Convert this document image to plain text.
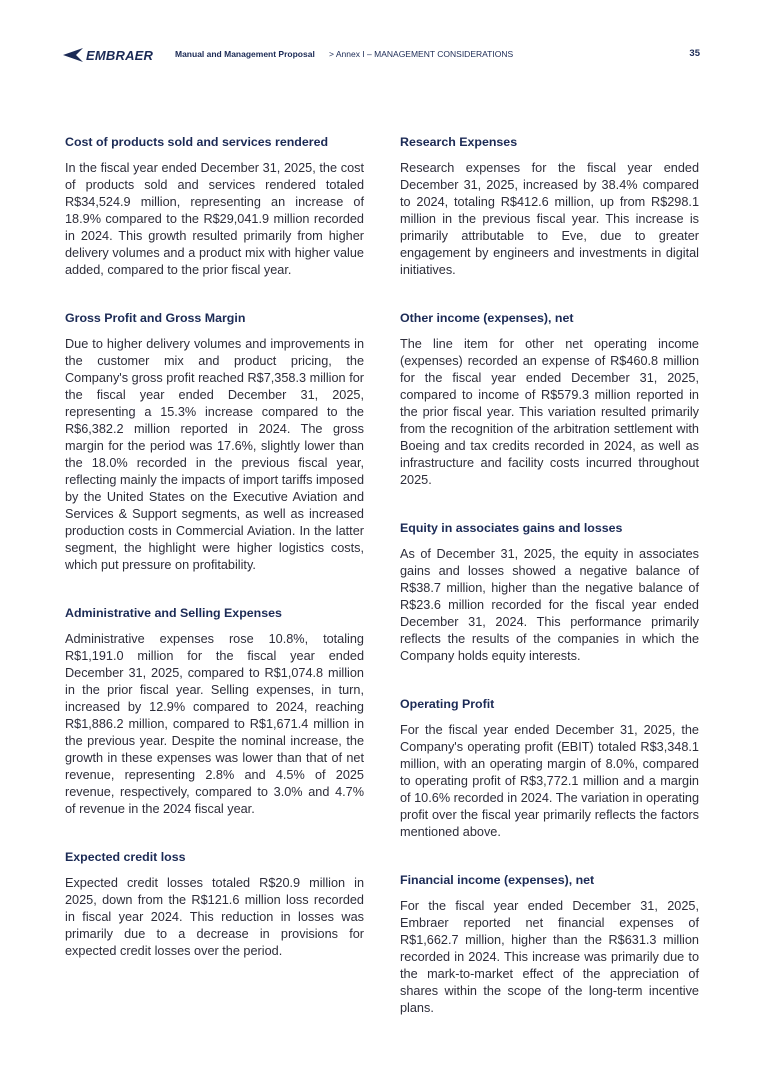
EMBRAER	Manual and Management Proposal > Annex I – MANAGEMENT CONSIDERATIONS	35
Cost of products sold and services rendered

In the fiscal year ended December 31, 2025, the cost of products sold and services rendered totaled R$34,524.9 million, representing an increase of 18.9% compared to the R$29,041.9 million recorded in 2024. This growth resulted primarily from higher delivery volumes and a product mix with higher value added, compared to the prior fiscal year.

Gross Profit and Gross Margin

Due to higher delivery volumes and improvements in the customer mix and product pricing, the Company's gross profit reached R$7,358.3 million for the fiscal year ended December 31, 2025, representing a 15.3% increase compared to the R$6,382.2 million reported in 2024. The gross margin for the period was 17.6%, slightly lower than the 18.0% recorded in the previous fiscal year, reflecting mainly the impacts of import tariffs imposed by the United States on the Executive Aviation and Services & Support segments, as well as increased production costs in Commercial Aviation. In the latter segment, the highlight were higher logistics costs, which put pressure on profitability.

Administrative and Selling Expenses

Administrative expenses rose 10.8%, totaling R$1,191.0 million for the fiscal year ended December 31, 2025, compared to R$1,074.8 million in the prior fiscal year. Selling expenses, in turn, increased by 12.9% compared to 2024, reaching R$1,886.2 million, compared to R$1,671.4 million in the previous year. Despite the nominal increase, the growth in these expenses was lower than that of net revenue, representing 2.8% and 4.5% of 2025 revenue, respectively, compared to 3.0% and 4.7% of revenue in the 2024 fiscal year.

Expected credit loss

Expected credit losses totaled R$20.9 million in 2025, down from the R$121.6 million loss recorded in fiscal year 2024. This reduction in losses was primarily due to a decrease in provisions for expected credit losses over the period.

Research Expenses

Research expenses for the fiscal year ended December 31, 2025, increased by 38.4% compared to 2024, totaling R$412.6 million, up from R$298.1 million in the previous fiscal year. This increase is primarily attributable to Eve, due to greater engagement by engineers and investments in digital initiatives.

Other income (expenses), net

The line item for other net operating income (expenses) recorded an expense of R$460.8 million for the fiscal year ended December 31, 2025, compared to income of R$579.3 million reported in the prior fiscal year. This variation resulted primarily from the recognition of the arbitration settlement with Boeing and tax credits recorded in 2024, as well as infrastructure and facility costs incurred throughout 2025.

Equity in associates gains and losses

As of December 31, 2025, the equity in associates gains and losses showed a negative balance of R$38.7 million, higher than the negative balance of R$23.6 million recorded for the fiscal year ended December 31, 2024. This performance primarily reflects the results of the companies in which the Company holds equity interests.

Operating Profit

For the fiscal year ended December 31, 2025, the Company's operating profit (EBIT) totaled R$3,348.1 million, with an operating margin of 8.0%, compared to operating profit of R$3,772.1 million and a margin of 10.6% recorded in 2024. The variation in operating profit over the fiscal year primarily reflects the factors mentioned above.

Financial income (expenses), net

For the fiscal year ended December 31, 2025, Embraer reported net financial expenses of R$1,662.7 million, higher than the R$631.3 million recorded in 2024. This increase was primarily due to the mark-to-market effect of the appreciation of shares within the scope of the long-term incentive plans.
